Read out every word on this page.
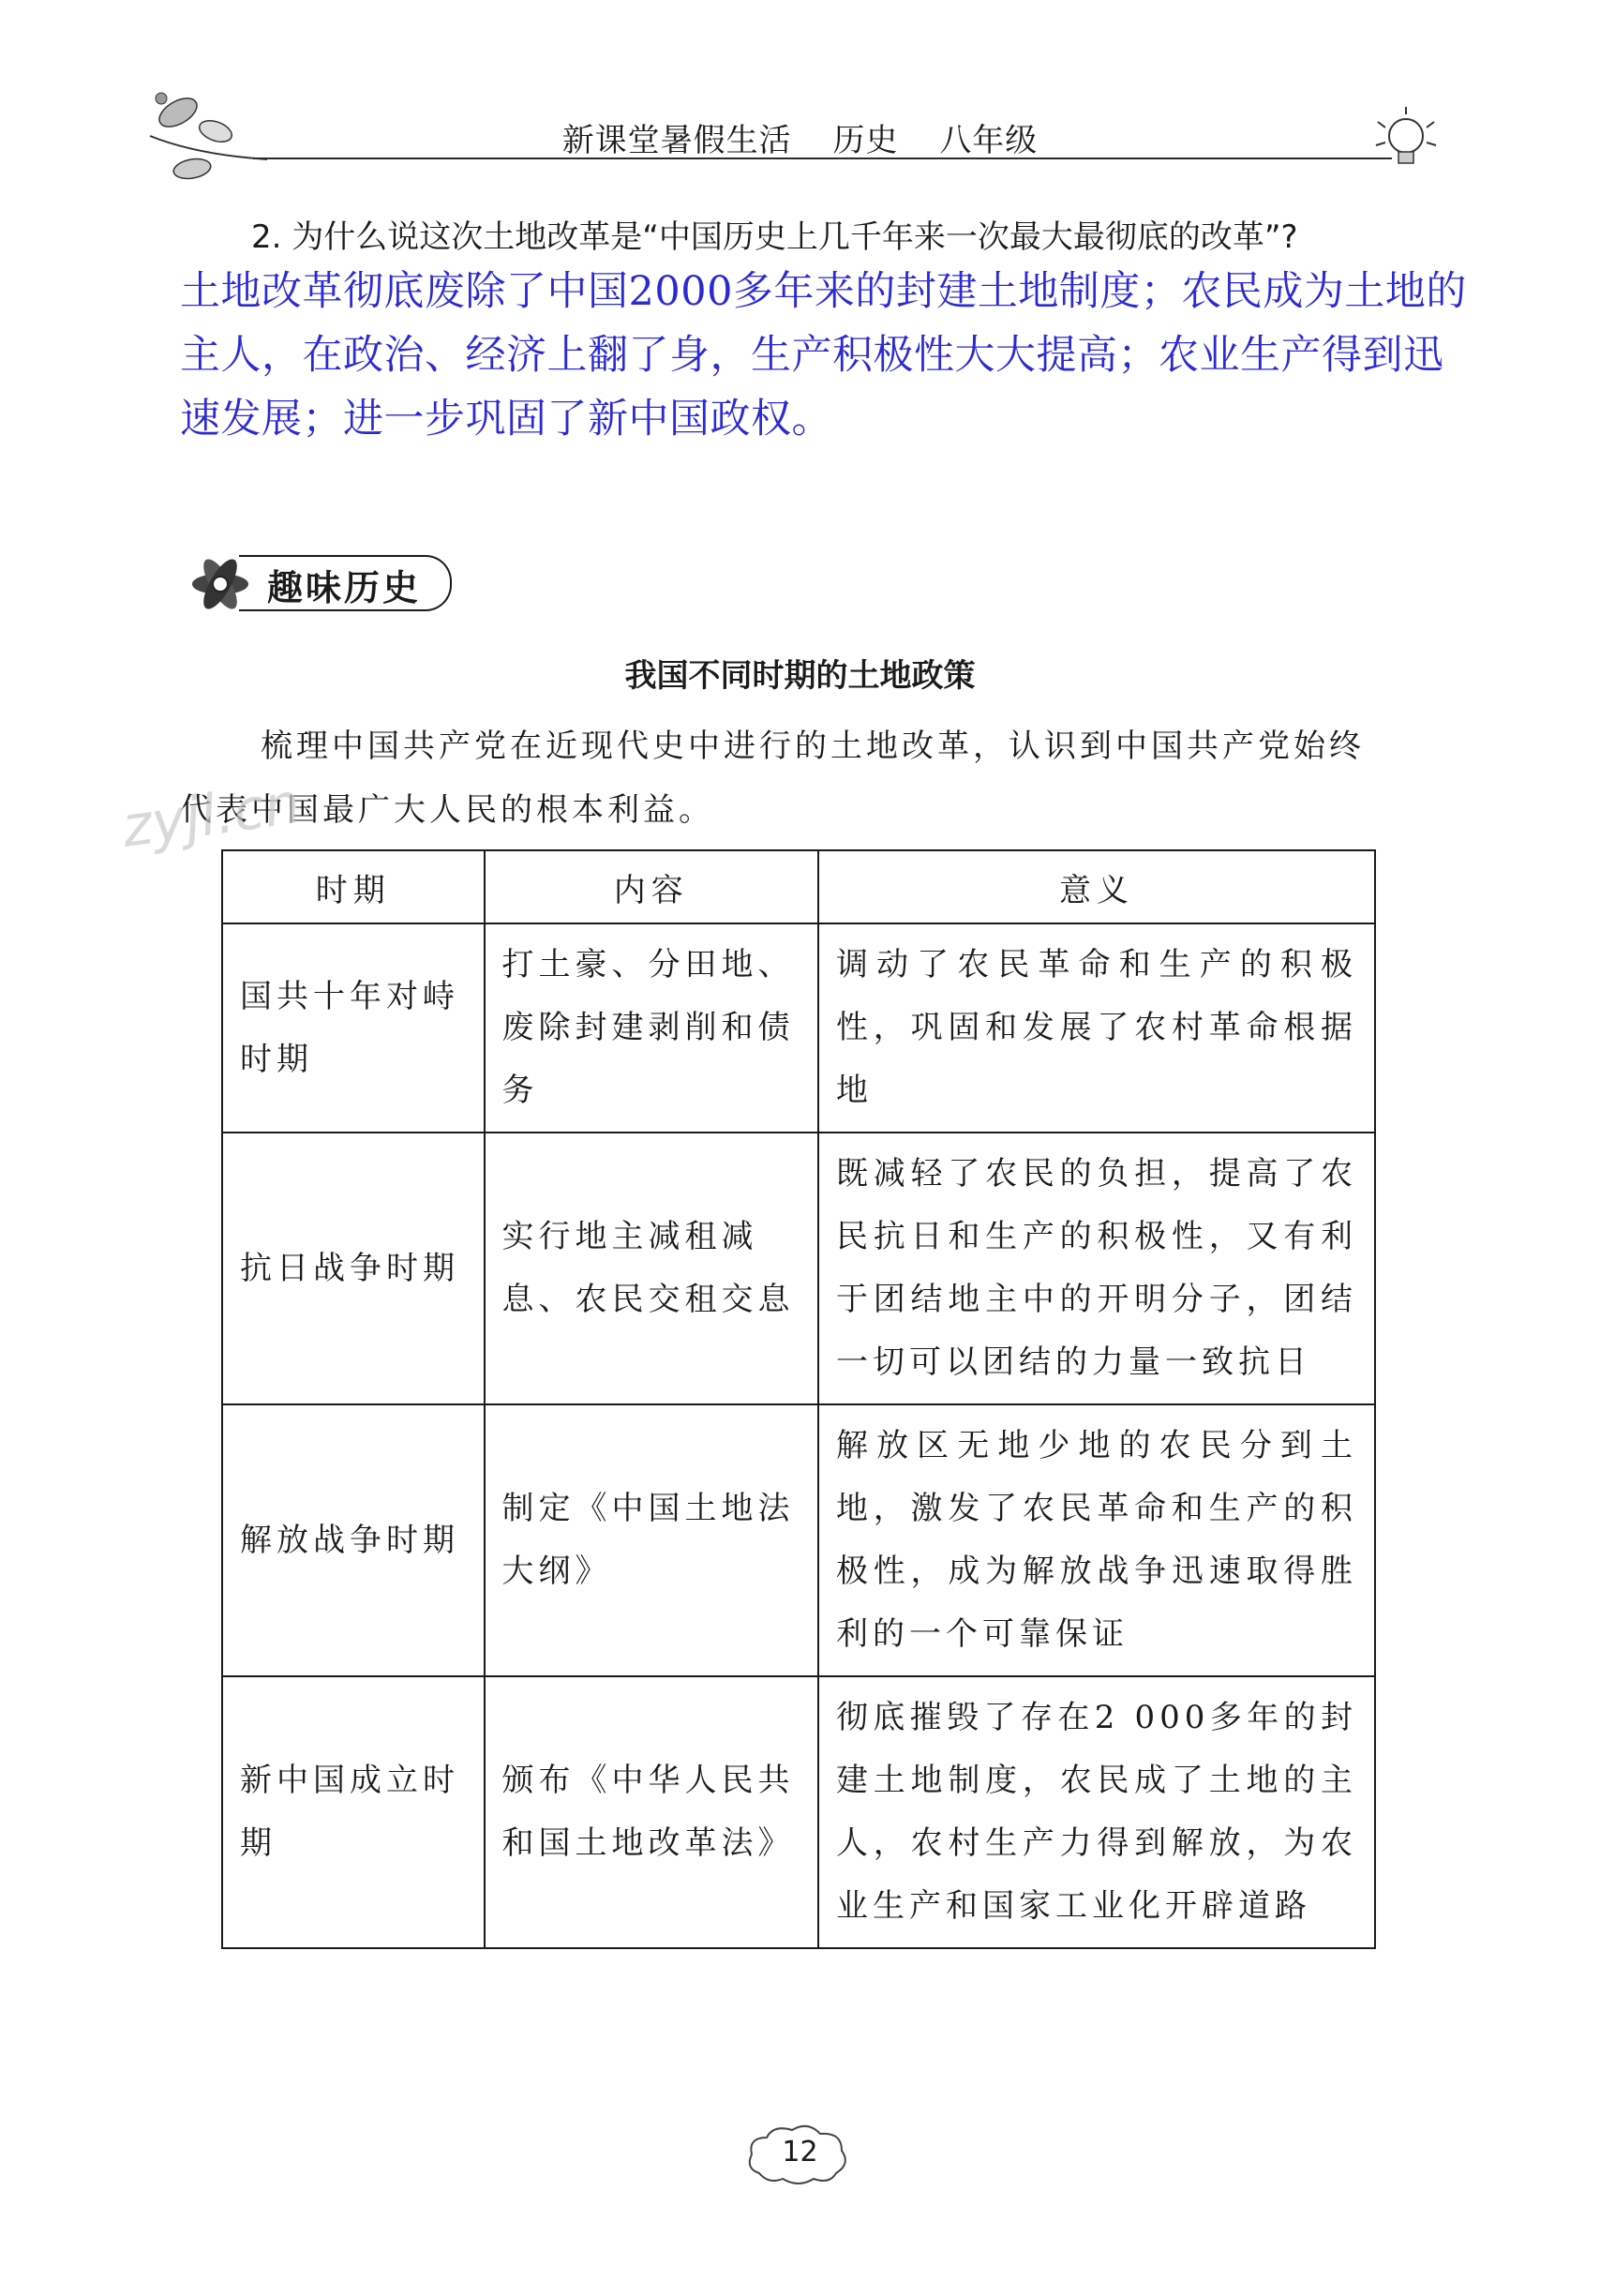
新课堂暑假生活 历史 八年级
2. 为什么说这次土地改革是“中国历史上几千年来一次最大最彻底的改革”?
土地改革彻底废除了中国2000多年来的封建土地制度；农民成为土地的
主人，在政治、经济上翻了身，生产积极性大大提高；农业生产得到迅
速发展；进一步巩固了新中国政权。
趣味历史
我国不同时期的土地政策
梳理中国共产党在近现代史中进行的土地改革，认识到中国共产党始终
代表中国最广大人民的根本利益。
zyjl.cn
时期	内容	意义
国共十年对峙时期	打土豪、分田地、废除封建剥削和债务	调动了农民革命和生产的积极性，巩固和发展了农村革命根据地
抗日战争时期	实行地主减租减息、农民交租交息	既减轻了农民的负担，提高了农民抗日和生产的积极性，又有利于团结地主中的开明分子，团结一切可以团结的力量一致抗日
解放战争时期	制定《中国土地法大纲》	解放区无地少地的农民分到土地，激发了农民革命和生产的积极性，成为解放战争迅速取得胜利的一个可靠保证
新中国成立时期	颁布《中华人民共和国土地改革法》	彻底摧毁了存在2 000多年的封建土地制度，农民成了土地的主人，农村生产力得到解放，为农业生产和国家工业化开辟道路
12
